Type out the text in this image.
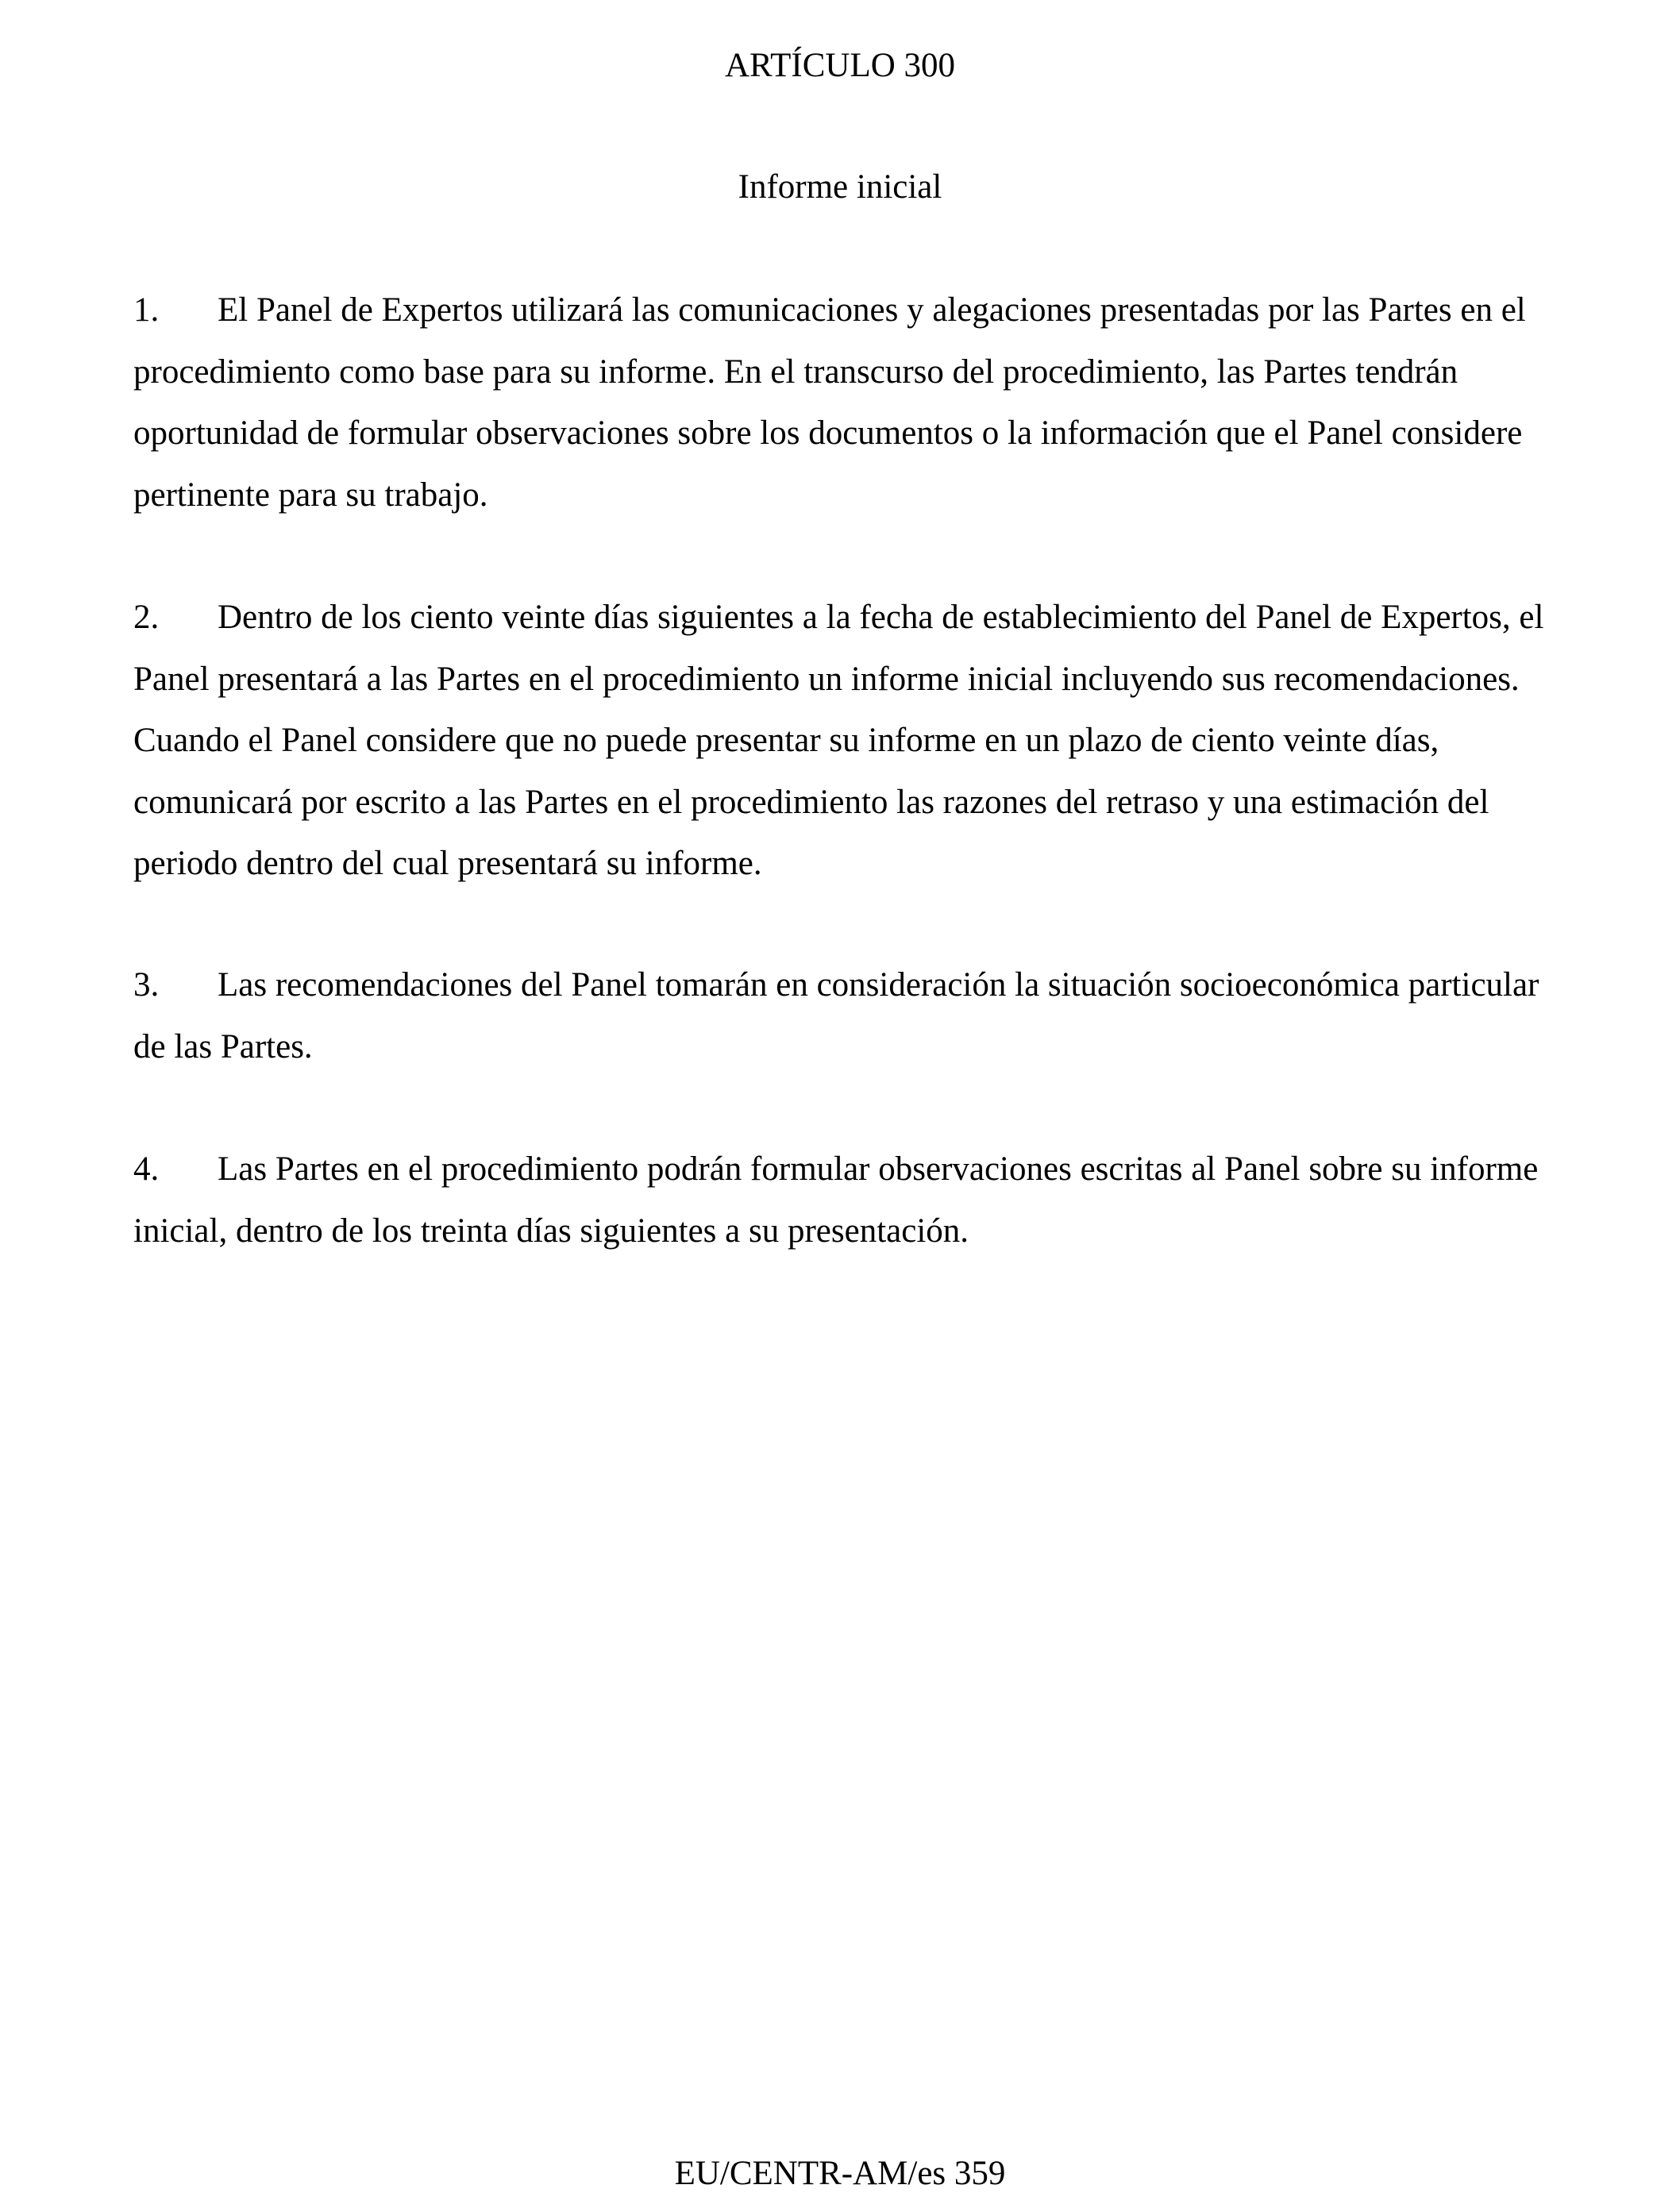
ARTÍCULO 300
Informe inicial

1. El Panel de Expertos utilizará las comunicaciones y alegaciones presentadas por las Partes en el procedimiento como base para su informe. En el transcurso del procedimiento, las Partes tendrán oportunidad de formular observaciones sobre los documentos o la información que el Panel considere pertinente para su trabajo.

2. Dentro de los ciento veinte días siguientes a la fecha de establecimiento del Panel de Expertos, el Panel presentará a las Partes en el procedimiento un informe inicial incluyendo sus recomendaciones. Cuando el Panel considere que no puede presentar su informe en un plazo de ciento veinte días, comunicará por escrito a las Partes en el procedimiento las razones del retraso y una estimación del periodo dentro del cual presentará su informe.

3. Las recomendaciones del Panel tomarán en consideración la situación socioeconómica particular de las Partes.

4. Las Partes en el procedimiento podrán formular observaciones escritas al Panel sobre su informe inicial, dentro de los treinta días siguientes a su presentación.

EU/CENTR-AM/es 359
